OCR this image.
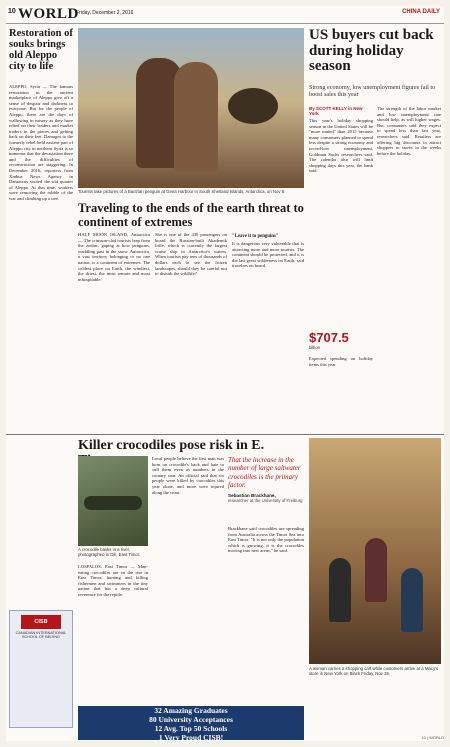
10 WORLD
Friday, December 2, 2016	CHINA DAILY
Restoration of souks brings old Aleppo city to life
ALEPPO, Syria — The famous restoration in the ancient marketplace of Aleppo give off a sense of despair and darkness to everyone. But for the people of Aleppo, there are the days of wallowing in misery as they have relied on their leaders and market traders in the pieces and getting back on their feet. Damages to the formerly rebel-held eastern part of Aleppo city in northern Syria is so immense that the devastation there and the difficulties of reconstruction are staggering. In December 2016, reporters from Xinhua News Agency in Damascus visited the old quarter of Aleppo. At that time, workers were removing the rubble of the war and climbing up a tree.
Tourists take pictures of a Bactrian penguin at Gena Harbour in South Shetland Islands, Antarctica, on Nov 8.
Traveling to the ends of the earth threat to continent of extremes
HALF MOON ISLAND, Antarctica — The crimson-clad tourists leap from the zodiac, gaping at how penguins, waddling past in the snow. Antarctica, a vast territory belonging to no one nation, is a continent of extremes. The coldest place on Earth, the windiest, the driest, the most remote and most inhospitable.
She is one of the 430 passengers on board the Russian-built Akademik Ioffe, which is currently the largest cruise ship in Antarctica's waters. When tourists pay tens of thousands of dollars each to see the frozen landscapes, should they be careful not to disturb the wildlife?
"Leave it to penguins"
It is dangerous very vulnerable that is attracting more and more tourists. The continent should be protected, and it is the last great wilderness on Earth, said travelers on board.
US buyers cut back during holiday season
Strong economy, low unemployment figures fail to boost sales this year
By SCOTT KELLY in New York
This year's holiday shopping season in the United States will be "more muted" than 2015 because many consumers planned to spend less despite a strong economy and record-low unemployment, Goldman Sachs researchers said. The calendar also will limit shopping days this year, the bank said.
$707.5
billion
Expected spending on holiday items this year
The strength of the labor market and low unemployment rate should help, as will higher wages. But, consumers said they expect to spend less than last year, researchers said. Retailers are offering big discounts to attract shoppers to stores in the weeks before the holiday.
Killer crocodiles pose risk in E.
A crocodile basks in a river, photographed in Dili, East Timor.
LOSPALOS, East Timor — Man-eating crocodiles are on the rise in East Timor, hunting and killing fishermen and swimmers in the tiny nation that has a deep cultural reverence for the reptile.
Local people believe the first man was born on crocodile's back and hate to cull them even as numbers in the country soar. An official said that six people were killed by crocodiles this year alone, and more were injured along the coast.
That the increase in the number of large saltwater crocodiles is the primary factor.
Sebastian Brackhane,
researcher at the University of Freiburg
Brackhane said crocodiles are spreading from Australia across the Timor Sea into East Timor. "It is not only the population which is growing, it is the crocodiles moving into new areas," he said.
A woman carries a shopping cart while customers arrive at a Macy's store in New York on Black Friday, Nov 25.
CISB
CANADIAN INTERNATIONAL SCHOOL OF BEIJING
32 Amazing Graduates
80 University Acceptances
12 Avg. Top 50 Schools
1 Very Proud CISB!	10 | WORLD
